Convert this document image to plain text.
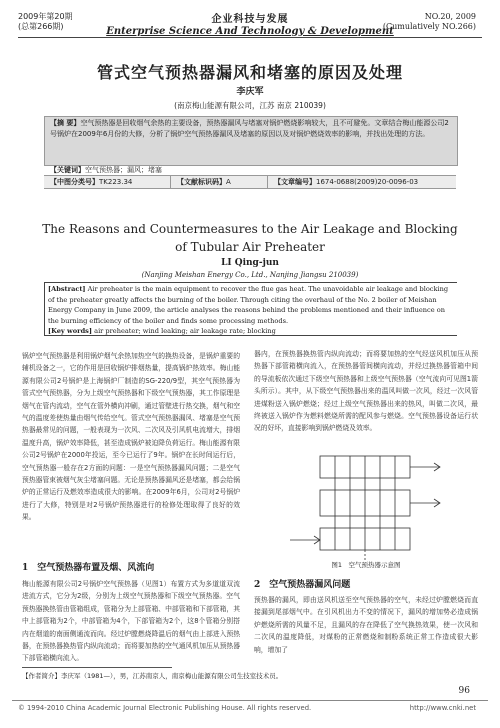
2009年第20期
(总第266期)
企业科技与发展
Enterprise Science And Technology & Development
NO.20, 2009
(Cumulatively NO.266)
管式空气预热器漏风和堵塞的原因及处理
李庆军
(南京梅山能源有限公司，江苏 南京 210039)
【摘 要】空气预热器是回收烟气余热的主要设备，预热器漏风与堵塞对锅炉燃烧影响较大，且不可避免。文章结合梅山能源公司2号锅炉在2009年6月份的大修，分析了锅炉空气预热器漏风及堵塞的原因以及对锅炉燃烧效率的影响，并找出处理的方法。
【关键词】空气预热器；漏风；堵塞
【中图分类号】TK223.34	【文献标识码】A	【文章编号】1674-0688(2009)20-0096-03
The Reasons and Countermeasures to the Air Leakage and Blocking
of Tubular Air Preheater
LI Qing-jun
(Nanjing Meishan Energy Co., Ltd., Nanjing Jiangsu 210039)
[Abstract] Air preheater is the main equipment to recover the flue gas heat. The unavoidable air leakage and blocking of the preheater greatly affects the burning of the boiler. Through citing the overhaul of the No. 2 boiler of Meishan Energy Company in June 2009, the article analyses the reasons behind the problems mentioned and their influence on the burning efficiency of the boiler and finds some processing methods.
[Key words] air preheater; wind leaking; air leakage rate; blocking
锅炉空气预热器是利用锅炉烟气余热加热空气的换热设备，是锅炉重要的辅机设备之一，它的作用是回收锅炉排烟热量，提高锅炉热效率。梅山能源有限公司2号锅炉是上海锅炉厂制造的SG-220/9型，其空气预热器为管式空气预热器，分为上级空气预热器和下级空气预热器，其工作原理是烟气在管内流动，空气在管外横向冲刷，通过管壁进行热交换，烟气和空气的温度差使热量由烟气传给空气。管式空气预热器漏风、堵塞是空气预热器最常见的问题，一般表现为一次风、二次风及引风机电流增大，排烟温度升高，锅炉效率降低，甚至造成锅炉被迫降负荷运行。梅山能源有限公司2号锅炉在2000年投运，至今已运行了9年。锅炉在长时间运行后，空气预热器一般存在2方面的问题：一是空气预热器漏风问题；二是空气预热器管束被烟气灰尘堵塞问题。无论是预热器漏风还是堵塞，都会给锅炉的正常运行及燃效率造成很大的影响。在2009年6月，公司对2号锅炉进行了大修，特别是对2号锅炉预热器进行的检修处理取得了良好的效果。
器内，在预热器换热管内纵向流动；而将要加热的空气经送风机加压从预热器下部管箱横向流入，在预热器管间横向流动，并经过换热器管箱中间的导流板依次通过下级空气预热器和上级空气预热器（空气流向可见图1箭头所示）。其中，从下级空气预热器出来的温风叫做一次风，经过一次风管进煤粉送入锅炉燃烧；经过上级空气预热器出来的热风，叫做二次风，最终被送入锅炉作为燃料燃烧所需的配风参与燃烧。空气预热器设备运行状况的好坏，直接影响到锅炉燃烧及效率。
图1　空气预热器示意图
1　空气预热器布置及烟、风流向
梅山能源有限公司2号锅炉空气预热器（见图1）布置方式为多道道双流进流方式，它分为2级，分别为上级空气预热器和下级空气预热器。空气预热器换热管由管箱组成，管箱分为上部管箱、中部管箱和下部管箱，其中上部管箱为2个，中部管箱为4个，下部管箱为2个，这8个管箱分别搭内在烟道的南面侧通流而向。经过炉膛燃烧降温后的烟气由上部进入预热器，在预热器换热管内纵向流动；而将要加热的空气通风机加压从预热器下部管箱横向流入。
2　空气预热器漏风问题
预热器的漏风，即由送风机送至空气预热器的空气，未经过炉膛燃烧而直接漏到尾部烟气中。在引风机出力不变的情况下，漏风的增加势必造成锅炉燃烧所需的风量不足，且漏风的存在降低了空气换热效果，使一次风和二次风的温度降低，对煤粉的正常燃烧和制粉系统正常工作造成很大影响，增加了
【作者简介】李庆军（1981—），男，江苏南京人，南京梅山能源有限公司生技室技术员。
96
© 1994-2010 China Academic Journal Electronic Publishing House. All rights reserved.	http://www.cnki.net
